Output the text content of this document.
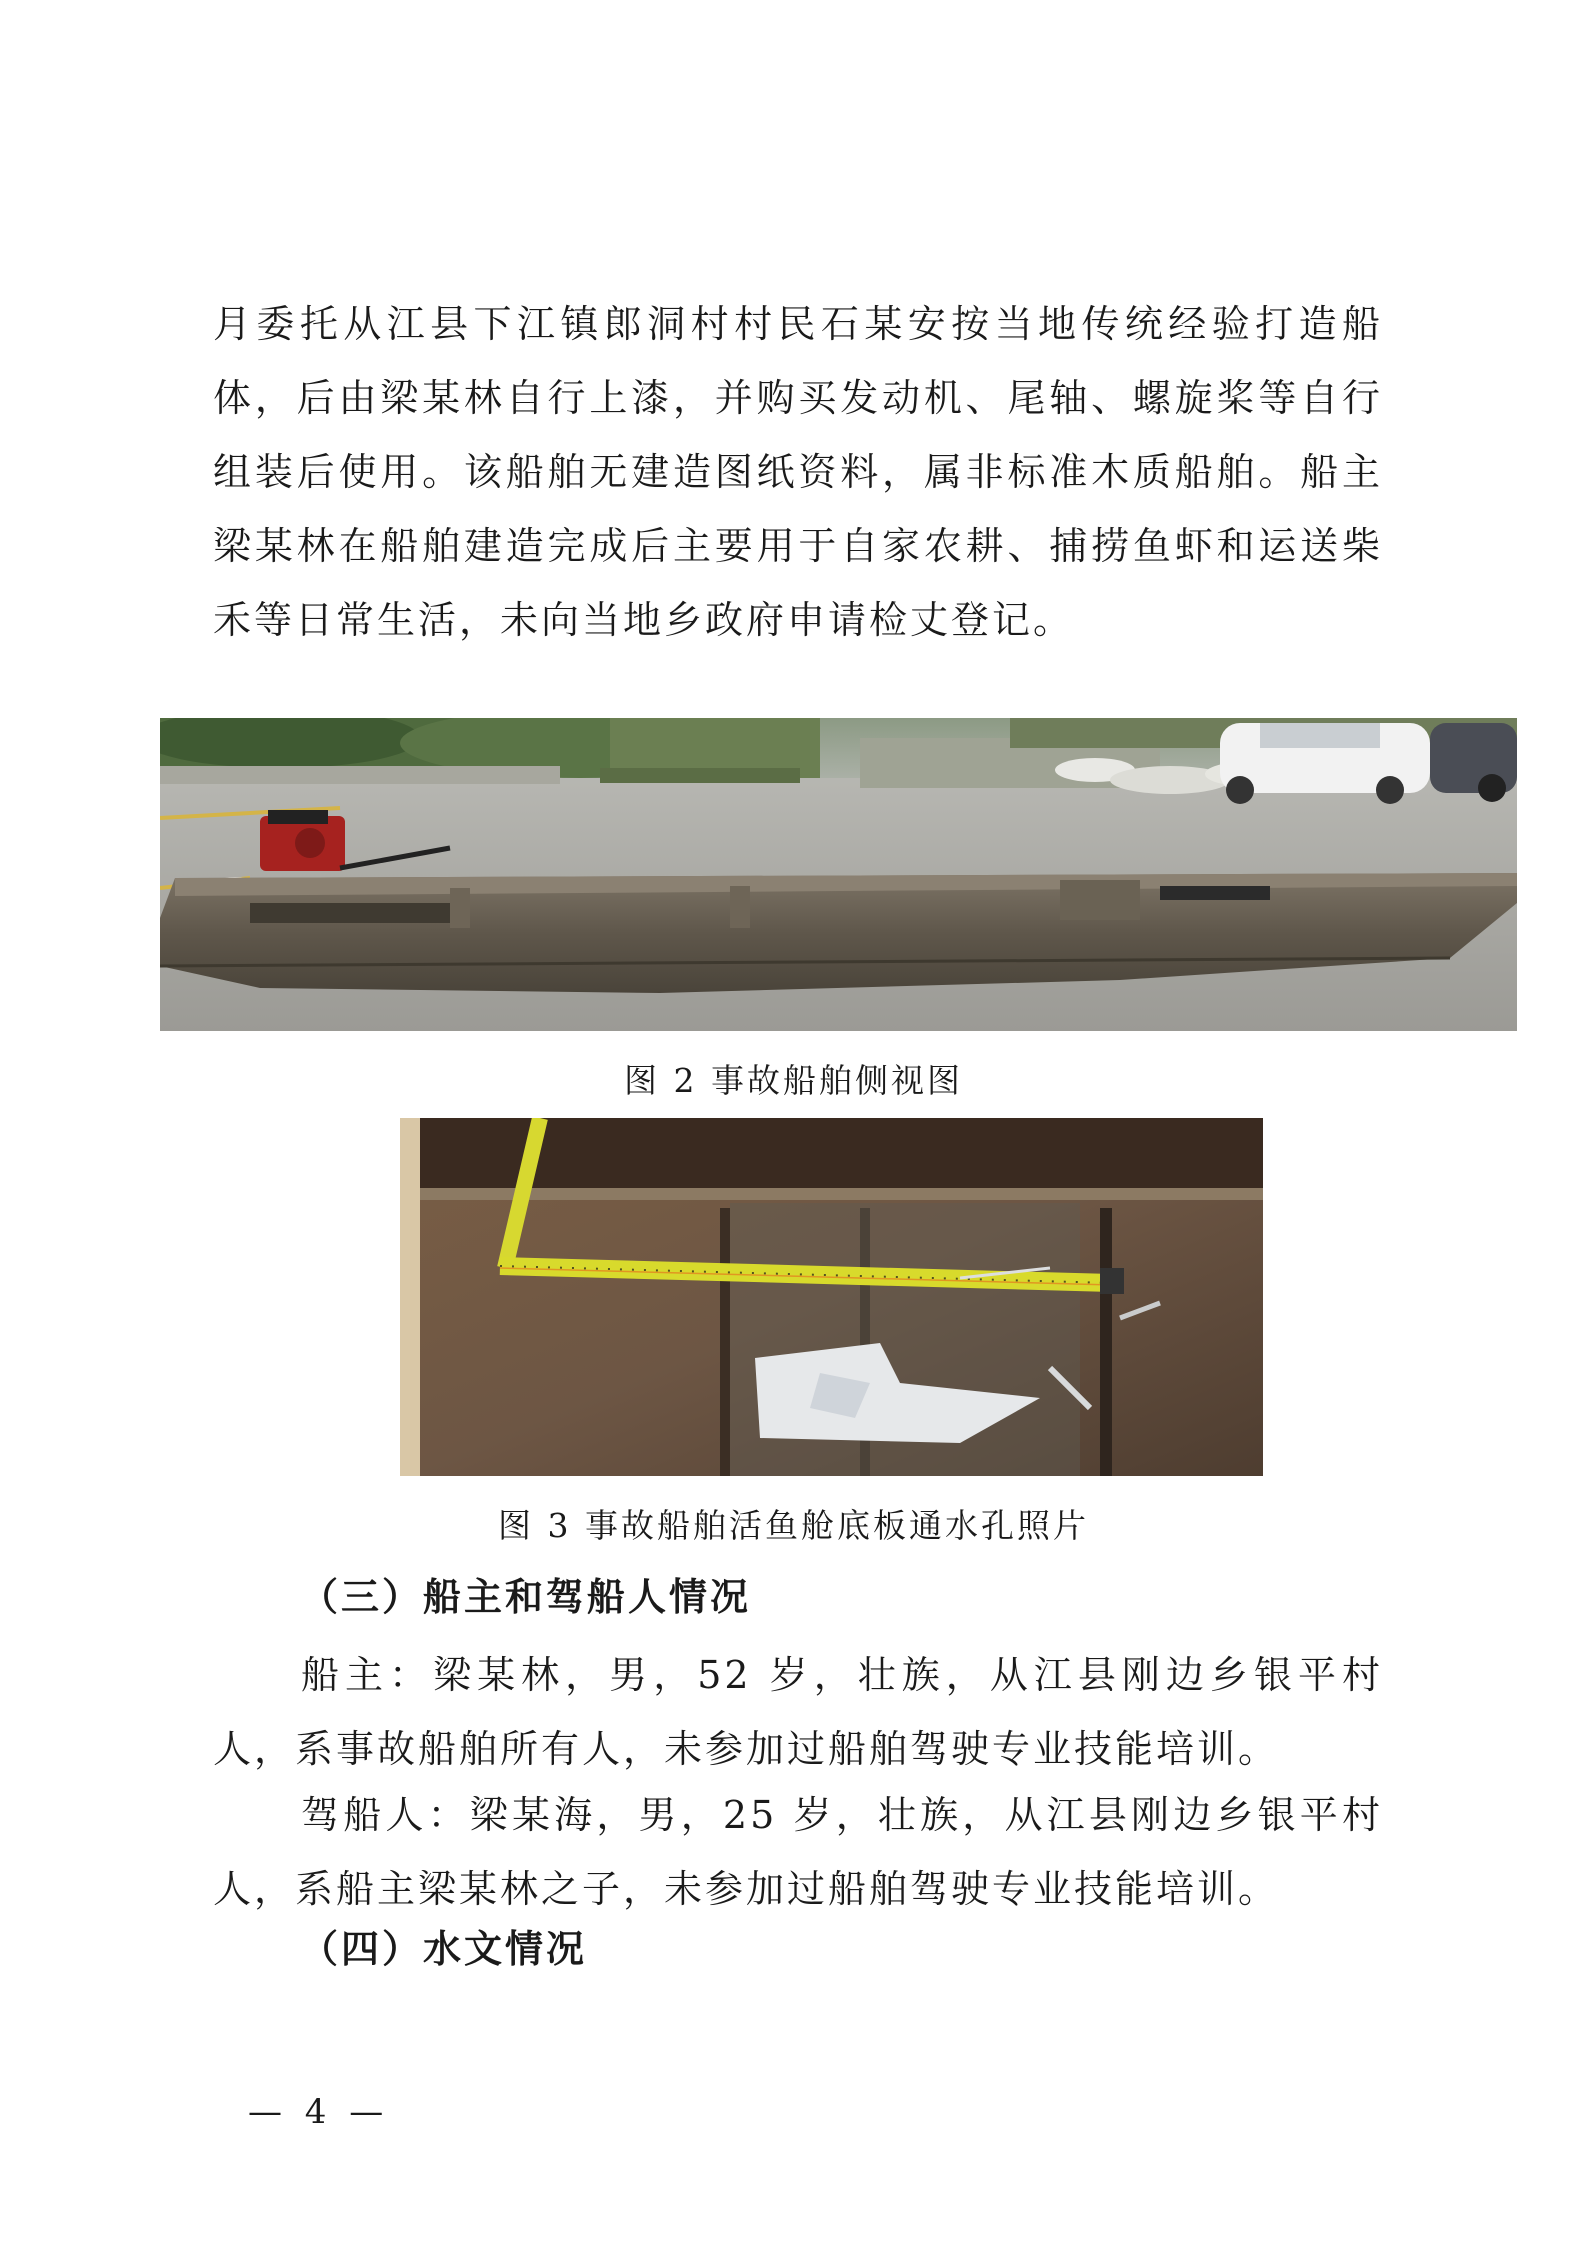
月委托从江县下江镇郎洞村村民石某安按当地传统经验打造船体，后由梁某林自行上漆，并购买发动机、尾轴、螺旋桨等自行组装后使用。该船舶无建造图纸资料，属非标准木质船舶。船主梁某林在船舶建造完成后主要用于自家农耕、捕捞鱼虾和运送柴禾等日常生活，未向当地乡政府申请检丈登记。

图 2 事故船舶侧视图

图 3 事故船舶活鱼舱底板通水孔照片

（三）船主和驾船人情况

船主：梁某林，男，52 岁，壮族，从江县刚边乡银平村人，系事故船舶所有人，未参加过船舶驾驶专业技能培训。

驾船人：梁某海，男，25 岁，壮族，从江县刚边乡银平村人，系船主梁某林之子，未参加过船舶驾驶专业技能培训。

（四）水文情况

— 4 —
